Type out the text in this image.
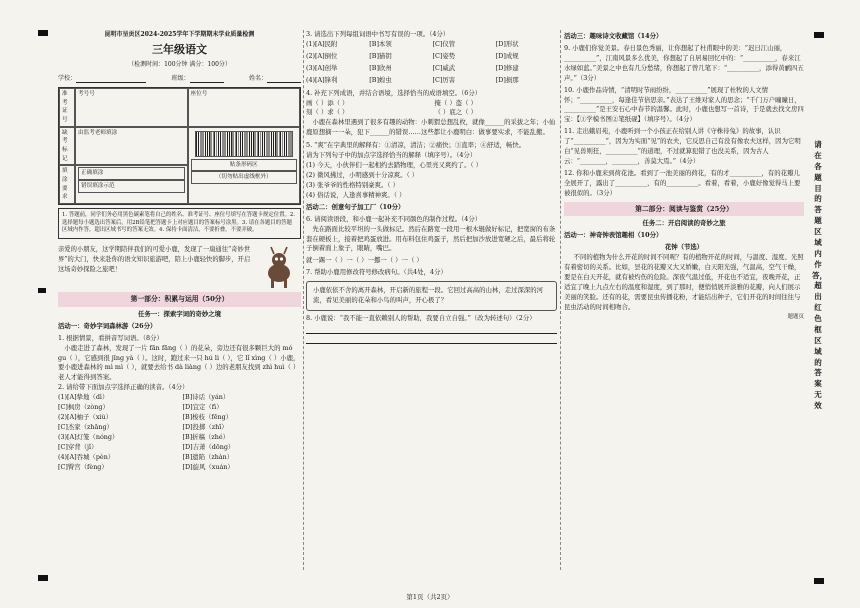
昆明市呈贡区2024-2025学年下学期期末学业质量检测
三年级语文
（检测时间：100分钟 满分：100分）
学校：	班级：	姓名：
准考证号
考号号	座位号
缺考标记
由监考老师填涂
贴条形码区
（切勿贴出虚线框外）
填涂要求
正确填涂
错误填涂示范
1. 答题前，同学们务必用黑色碳素笔将自己的姓名、准考证号、座位号填写在答题卡规定位置。2. 选择题每小题选出答案后，用2B铅笔把答题卡上对应题目的答案标号涂黑。3. 请在各题目的答题区域内作答，超出区域书写的答案无效。4. 保持卡面清洁，不要折叠，不要弄破。
亲爱的小朋友，这学期陪伴我们的可爱小鹿，发现了一扇通往“奇妙世界”的大门，快来赴你的语文知识旅游吧，陪上小鹿轻快的脚步，开启这场奇妙探险之旅吧！
第一部分：积累与运用（50分）
任务一：探索字词的奇妙之境
活动一：奇妙字词森林游（26分）
1. 根据情景，看拼音写词语。（8分）
小鹿走进了森林，发现了一片 fān fāng（ ）的花朵，旁边还有很多颗巨大的 mó gu（ ），它感到很 jīng yà（ ）。这时，跑过来一只 hú li（ ），它 lǐ xìng（ ）小鹿，要小鹿进森林的 mì mì（ ），就要去给书 dà liàng（ ）边的老朋友找到 zhì huì（ ）老人才能得到答案。
2. 请给带下面加点字选择正确的读音。（4分）
(1)[A]挚地（dì）	[B]诗话（yán）
[C]枫房（zòng）	[D]宜定（fì）
(2)[A]柚子（xiù）	[B]梭枝（fēng）
[C]杰家（zhāng）	[D]投掷（zhī）
(3)[A]灯笼（nóng）	[B]折稿（zhé）
[C]穿背（jǐ）	[D]吉萧（dōng）
(4)[A]吞城（pèn）	[B]遗陷（zhàn）
[C]臀宫（fèng）	[D]旋风（xuán）
3. 请选出下列每组词语中书写有误的一项。（4分）
(1)[A]民附	[B]本领	[C]仪管	[D]形状
(2)[A]倒位	[B]猫钥	[C]姿势	[D]成规
(3)[A]创举	[B]欣州	[C]威武	[D]修建
(4)[A]锋利	[B]蝗虫	[C]厉害	[D]损那
4. 补充下列成语，并结合语境，选择恰当的成语填空。（6分）
画（ ）添（ ）	掩（ ）盗（ ）
刻（ ）求（ ）	（ ）底之（ ）
小鹿在森林里遇到了很多有趣的动物：小刺猬总想乱枚，就像______的采拔之年；小仙鹿原想摘一一朵，犯下______的错误……这些都让小鹿明白：做事要实求，不能乱搬。
5. “爽”在字典里的解释有：①清凉，清洁；②痛快；③直率；④舒适，畅快。
请为下列句子中的加点字选择恰当的解释（填序号）。（4分）
(1) 今天，小伙伴们一起相约去踏物理，心里亮又爽约了。（ ）
(2) 微风拂过，小明感到十分凉爽。（ ）
(3) 张爷爷的性格特别豪爽。（ ）
(4) 俗话说，人逢喜事精神爽。（ ）
活动二：创意句子加工厂（10分）
6. 请阅读语段，和小鹿一起补充不同颜色的制作过程。（4分）
先在路面比较平坦的一头做标记。然后在路宽一段用一根木辊做好标记，把宽窗的布条套在硬板上，接着把鸡蛋放进。用布料包住鸡蛋子，然后把加沙放进宽硬之后，最后将轮子倒着面上象子，眼睛，嘴巴。
就一踢一（ ）一（ ）一挪一（ ）一（ ）
7. 帮助小鹿用修改符号修改病句。（共4处，4分）
小鹿依依不舍的离开森林，开启新的旅程一段。它回过高高的山林，走过深深的河流，看见美丽的花朵和小鸟的叫声，开心极了？
8. 小鹿说：“我不能一直依赖别人的帮助，我要自立自强。”（改为转述句）（2分）
活动三：趣味诗文收藏馆（14分）
9. 小鹿们你觉美景。春日景色秀丽，让你想起了杜甫眼中的美：“迟日江山丽，__________”，江南风景多么优美，你想起了自居易回忆中的：“__________，春来江水绿如蓝。”美景之中也有几分愁绪，你想起了曾几笔下：“__________，添得黄鹂四五声。”（3分）
10. 小鹿作品诗情，“清明时节雨纷纷，__________”展现了杜牧的人文情怀；“__________，每逢佳节倍思亲。”表达了王维对家人的思念；“千门万户曈曈日，__________”是王安石心中春节的温馨。此时，小鹿也想写一首诗，于是就去找文房四宝：【①学模书图②笔纸砚】（填序号）。（4分）
11. 走出蛾眉苑，小鹿听到一个小孩正在给别人讲《守株待兔》的故事，认识了“__________”，因为为实面“见”的农夫，它反思自己有没有像农夫这样，因为它明白“见兽则狂，__________”的道理，不过就算犯错了也没关系，因为古人云：“________，________，善莫大焉。”（4分）
12. 你和小鹿来到荷花池。看到了一池美丽的荷花，有的才__________，有的花瓣儿全展开了，露出了__________，有的__________。看着，看着，小鹿好像觉得马上要被很似的。（3分）
第二部分：阅读与鉴赏（25分）
任务二：开启阅读的奇妙之旅
活动一：神奇钟表馆趣相（10分）
花钟（节选）
不同的植物为什么开花的时间不同呢？有的植物开花的时间，与温度、湿度、光照有着密切的关系。比如，昙花的花瓣又大又娇嫩，白天阳光强，气温高，空气干燥，要是在白天开花，就有被灼伤的危险。深夜气温过低，开花也不适宜，夜晚开花，正适宜了晚上九点左右的温度和湿度，到了那时，便悄悄展开淡雅的花瓣，向人们展示美丽的笑脸。还有的花，需要昆虫传播花粉，才能结出种子，它们开花的时间往往与昆虫活动的时间相吻合。
题题页
请在各题目的答题区域内作答，超出红色框区域的答案无效
第1页（共2页）
